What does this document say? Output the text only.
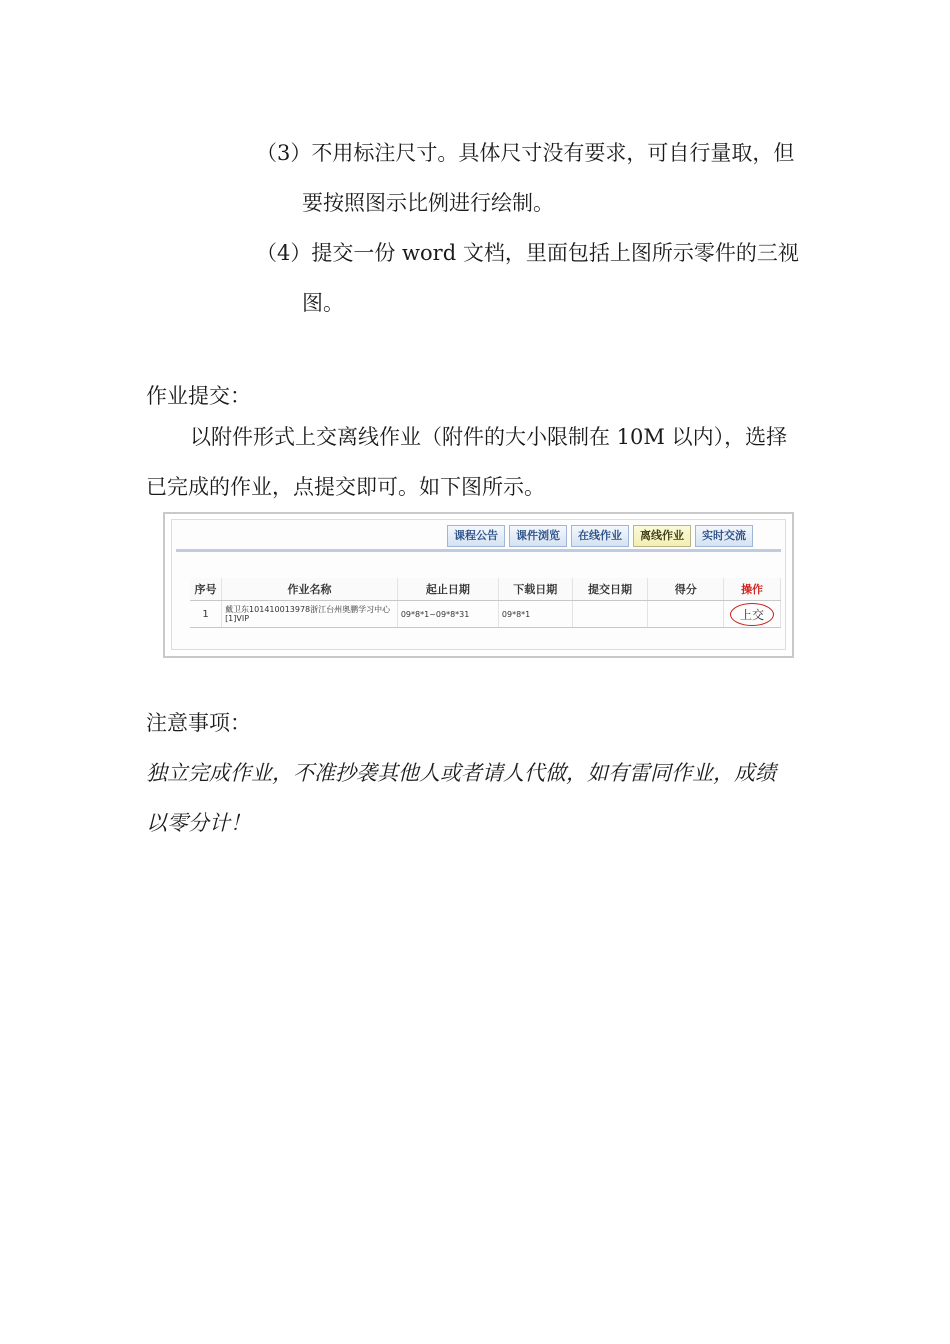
（3）不用标注尺寸。具体尺寸没有要求，可自行量取，但
要按照图示比例进行绘制。
（4）提交一份 word 文档，里面包括上图所示零件的三视
图。
作业提交：
以附件形式上交离线作业（附件的大小限制在 10M 以内），选择
已完成的作业，点提交即可。如下图所示。
课程公告	课件浏览	在线作业	离线作业	实时交流
序号	作业名称	起止日期	下载日期	提交日期	得分	操作
1	戴卫东1014100139​78浙江台州奥鹏学习中心[1]VIP	09*8*1~09*8*31	09*8*1			上交
注意事项：
独立完成作业，不准抄袭其他人或者请人代做，如有雷同作业，成绩
以零分计！
